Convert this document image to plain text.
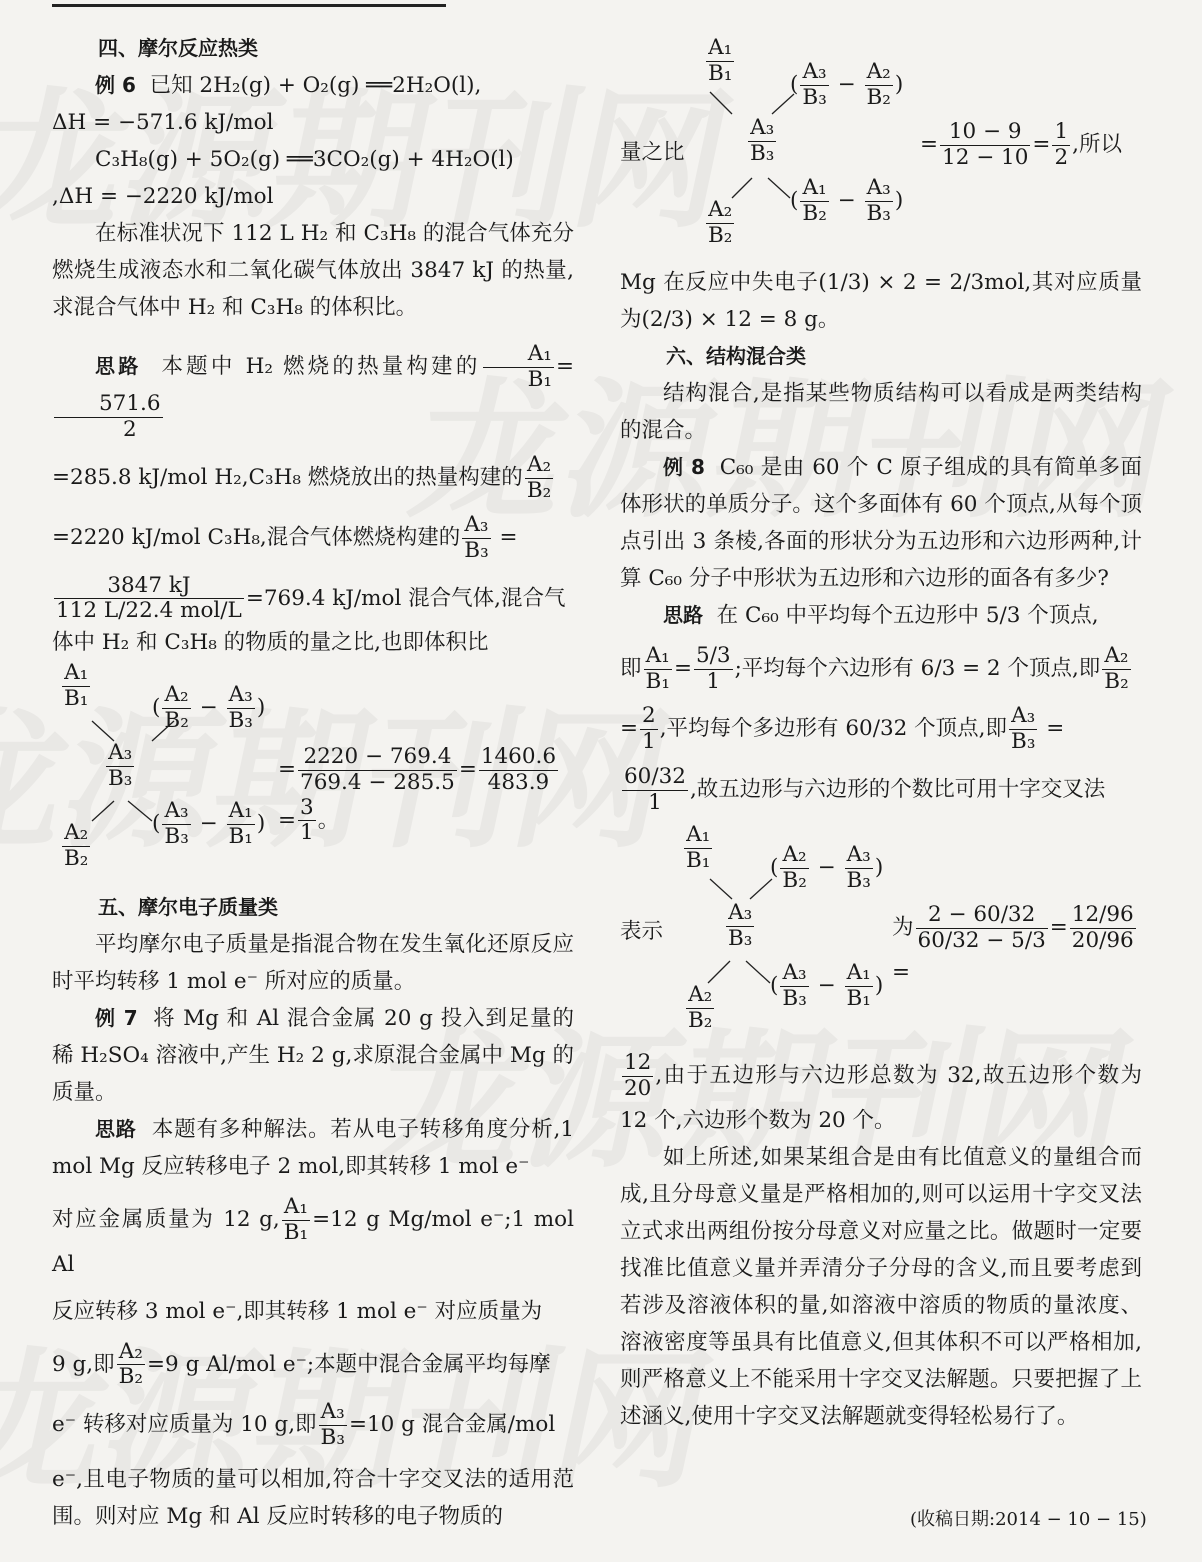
四、摩尔反应热类

例 6 已知 2H₂(g) + O₂(g) ══2H₂O(l),

ΔH = −571.6 kJ/mol

C₃H₈(g) + 5O₂(g) ══3CO₂(g) + 4H₂O(l)

,ΔH = −2220 kJ/mol

在标准状况下 112 L H₂ 和 C₃H₈ 的混合气体充分燃烧生成液态水和二氧化碳气体放出 3847 kJ 的热量,求混合气体中 H₂ 和 C₃H₈ 的体积比。

思路 本题中 H₂ 燃烧的热量构建的 $\frac{\text{A₁}}{\text{B₁}}$ =
$\frac{571.6}{2}$

=285.8 kJ/mol H₂,C₃H₈ 燃烧放出的热量构建的 $\frac{\text{A₂}}{\text{B₂}}$

=2220 kJ/mol C₃H₈,混合气体燃烧构建的 $\frac{\text{A₃}}{\text{B₃}}$ =

$\frac{3847 kJ}{\text{112 L/22.4 mol/L}} =769.4$ kJ/mol 混合气体,混合气

体中 H₂ 和 C₃H₈ 的物质的量之比,也即体积比

$\frac{\text{A₁}}{\text{B₁}}$	( $\frac{\text{A₂}}{\text{B₂}} - \frac{\text{A₃}}{\text{B₃}}$ )
$\frac{\text{A₃}}{\text{B₃}}$
$\frac{\text{A₂}}{\text{B₂}}$	( $\frac{\text{A₃}}{\text{B₃}} - \frac{\text{A₁}}{\text{B₁}}$ )
= $\frac{2220 - 769.4}{769.4 - 285.5} = \frac{1460.6}{483.9}$
= $\frac{3}{1}$ 。

五、摩尔电子质量类

平均摩尔电子质量是指混合物在发生氧化还原反应时平均转移 1 mol e⁻ 所对应的质量。

例 7 将 Mg 和 Al 混合金属 20 g 投入到足量的稀 H₂SO₄ 溶液中,产生 H₂ 2 g,求原混合金属中 Mg 的质量。

思路 本题有多种解法。若从电子转移角度分析,1 mol Mg 反应转移电子 2 mol,即其转移 1 mol e⁻

对应金属质量为 12 g, $\frac{\text{A₁}}{\text{B₁}} =12$ g Mg/mol e⁻;1 mol Al

反应转移 3 mol e⁻,即其转移 1 mol e⁻ 对应质量为

9 g,即 $\frac{\text{A₂}}{\text{B₂}} =9$ g Al/mol e⁻;本题中混合金属平均每摩

e⁻ 转移对应质量为 10 g,即 $\frac{\text{A₃}}{\text{B₃}} =10$ g 混合金属/mol

e⁻,且电子物质的量可以相加,符合十字交叉法的适用范围。则对应 Mg 和 Al 反应时转移的电子物质的

$\frac{\text{A₁}}{\text{B₁}}$	( $\frac{\text{A₃}}{\text{B₃}} - \frac{\text{A₂}}{\text{B₂}}$ )
量之比	$\frac{\text{A₃}}{\text{B₃}}$
$\frac{\text{A₂}}{\text{B₂}}$	( $\frac{\text{A₁}}{\text{B₂}} - \frac{\text{A₃}}{\text{B₃}}$ )
= $\frac{10 - 9}{12 - 10} = \frac{1}{2}$ ,所以

Mg 在反应中失电子(1/3) × 2 = 2/3mol,其对应质量为(2/3) × 12 = 8 g。

六、结构混合类

结构混合,是指某些物质结构可以看成是两类结构的混合。

例 8 C₆₀ 是由 60 个 C 原子组成的具有简单多面体形状的单质分子。这个多面体有 60 个顶点,从每个顶点引出 3 条棱,各面的形状分为五边形和六边形两种,计算 C₆₀ 分子中形状为五边形和六边形的面各有多少?

思路 在 C₆₀ 中平均每个五边形中 5/3 个顶点,

即 $\frac{\text{A₁}}{\text{B₁}} = \frac{5/3}{1}$ ;平均每个六边形有 6/3 = 2 个顶点,即 $\frac{\text{A₂}}{\text{B₂}}$

= $\frac{2}{1}$ ,平均每个多边形有 60/32 个顶点,即 $\frac{\text{A₃}}{\text{B₃}}$ =

$\frac{60/32}{1}$ ,故五边形与六边形的个数比可用十字交叉法

$\frac{\text{A₁}}{\text{B₁}}$	( $\frac{\text{A₂}}{\text{B₂}} - \frac{\text{A₃}}{\text{B₃}}$ )
表示	$\frac{\text{A₃}}{\text{B₃}}$
$\frac{\text{A₂}}{\text{B₂}}$	( $\frac{\text{A₃}}{\text{B₃}} - \frac{\text{A₁}}{\text{B₁}}$ )
为 $\frac{2 - 60/32}{60/32 - 5/3} = \frac{12/96}{20/96}$
=

$\frac{12}{20}$ ,由于五边形与六边形总数为 32,故五边形个数为 12 个,六边形个数为 20 个。

如上所述,如果某组合是由有比值意义的量组合而成,且分母意义量是严格相加的,则可以运用十字交叉法立式求出两组份按分母意义对应量之比。做题时一定要找准比值意义量并弄清分子分母的含义,而且要考虑到若涉及溶液体积的量,如溶液中溶质的物质的量浓度、溶液密度等虽具有比值意义,但其体积不可以严格相加,则严格意义上不能采用十字交叉法解题。只要把握了上述涵义,使用十字交叉法解题就变得轻松易行了。

(收稿日期:2014 − 10 − 15)
